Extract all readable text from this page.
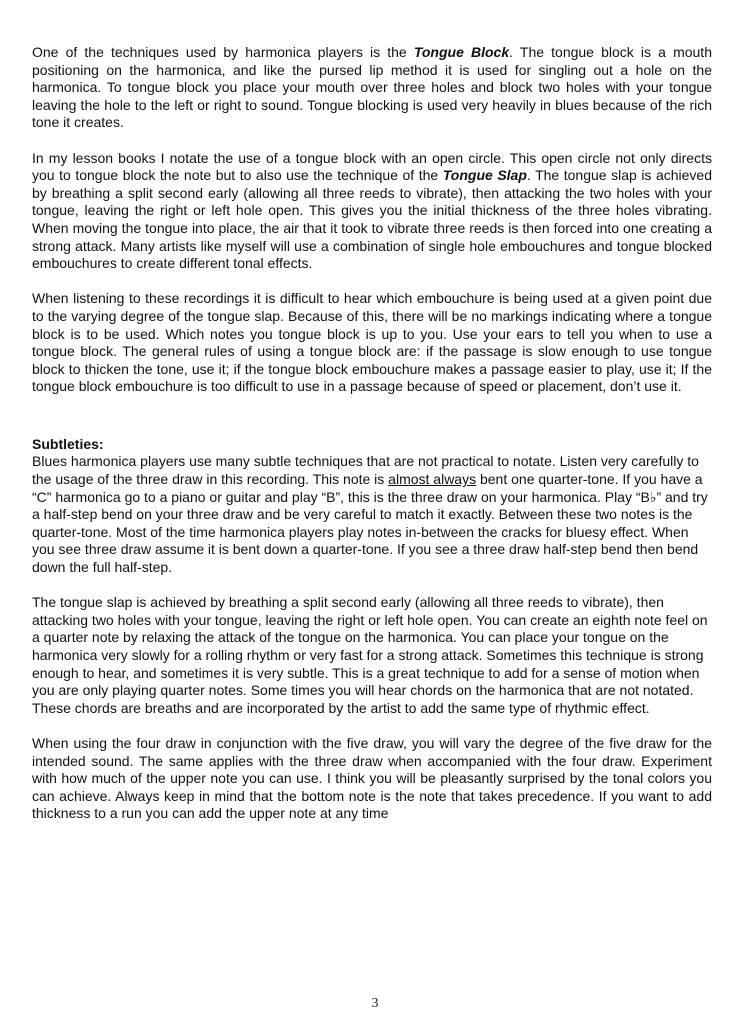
One of the techniques used by harmonica players is the Tongue Block. The tongue block is a mouth positioning on the harmonica, and like the pursed lip method it is used for singling out a hole on the harmonica. To tongue block you place your mouth over three holes and block two holes with your tongue leaving the hole to the left or right to sound. Tongue blocking is used very heavily in blues because of the rich tone it creates.

In my lesson books I notate the use of a tongue block with an open circle. This open circle not only directs you to tongue block the note but to also use the technique of the Tongue Slap. The tongue slap is achieved by breathing a split second early (allowing all three reeds to vibrate), then attacking the two holes with your tongue, leaving the right or left hole open. This gives you the initial thickness of the three holes vibrating. When moving the tongue into place, the air that it took to vibrate three reeds is then forced into one creating a strong attack. Many artists like myself will use a combination of single hole embouchures and tongue blocked embouchures to create different tonal effects.

When listening to these recordings it is difficult to hear which embouchure is being used at a given point due to the varying degree of the tongue slap. Because of this, there will be no markings indicating where a tongue block is to be used. Which notes you tongue block is up to you. Use your ears to tell you when to use a tongue block. The general rules of using a tongue block are: if the passage is slow enough to use tongue block to thicken the tone, use it; if the tongue block embouchure makes a passage easier to play, use it; If the tongue block embouchure is too difficult to use in a passage because of speed or placement, don’t use it.

Subtleties:

Blues harmonica players use many subtle techniques that are not practical to notate. Listen very carefully to the usage of the three draw in this recording. This note is almost always bent one quarter-tone. If you have a “C” harmonica go to a piano or guitar and play “B”, this is the three draw on your harmonica. Play “B♭” and try a half-step bend on your three draw and be very careful to match it exactly. Between these two notes is the quarter-tone. Most of the time harmonica players play notes in-between the cracks for bluesy effect. When you see three draw assume it is bent down a quarter-tone. If you see a three draw half-step bend then bend down the full half-step.

The tongue slap is achieved by breathing a split second early (allowing all three reeds to vibrate), then attacking two holes with your tongue, leaving the right or left hole open. You can create an eighth note feel on a quarter note by relaxing the attack of the tongue on the harmonica. You can place your tongue on the harmonica very slowly for a rolling rhythm or very fast for a strong attack. Sometimes this technique is strong enough to hear, and sometimes it is very subtle. This is a great technique to add for a sense of motion when you are only playing quarter notes. Some times you will hear chords on the harmonica that are not notated. These chords are breaths and are incorporated by the artist to add the same type of rhythmic effect.

When using the four draw in conjunction with the five draw, you will vary the degree of the five draw for the intended sound. The same applies with the three draw when accompanied with the four draw. Experiment with how much of the upper note you can use. I think you will be pleasantly surprised by the tonal colors you can achieve. Always keep in mind that the bottom note is the note that takes precedence. If you want to add thickness to a run you can add the upper note at any time

3
